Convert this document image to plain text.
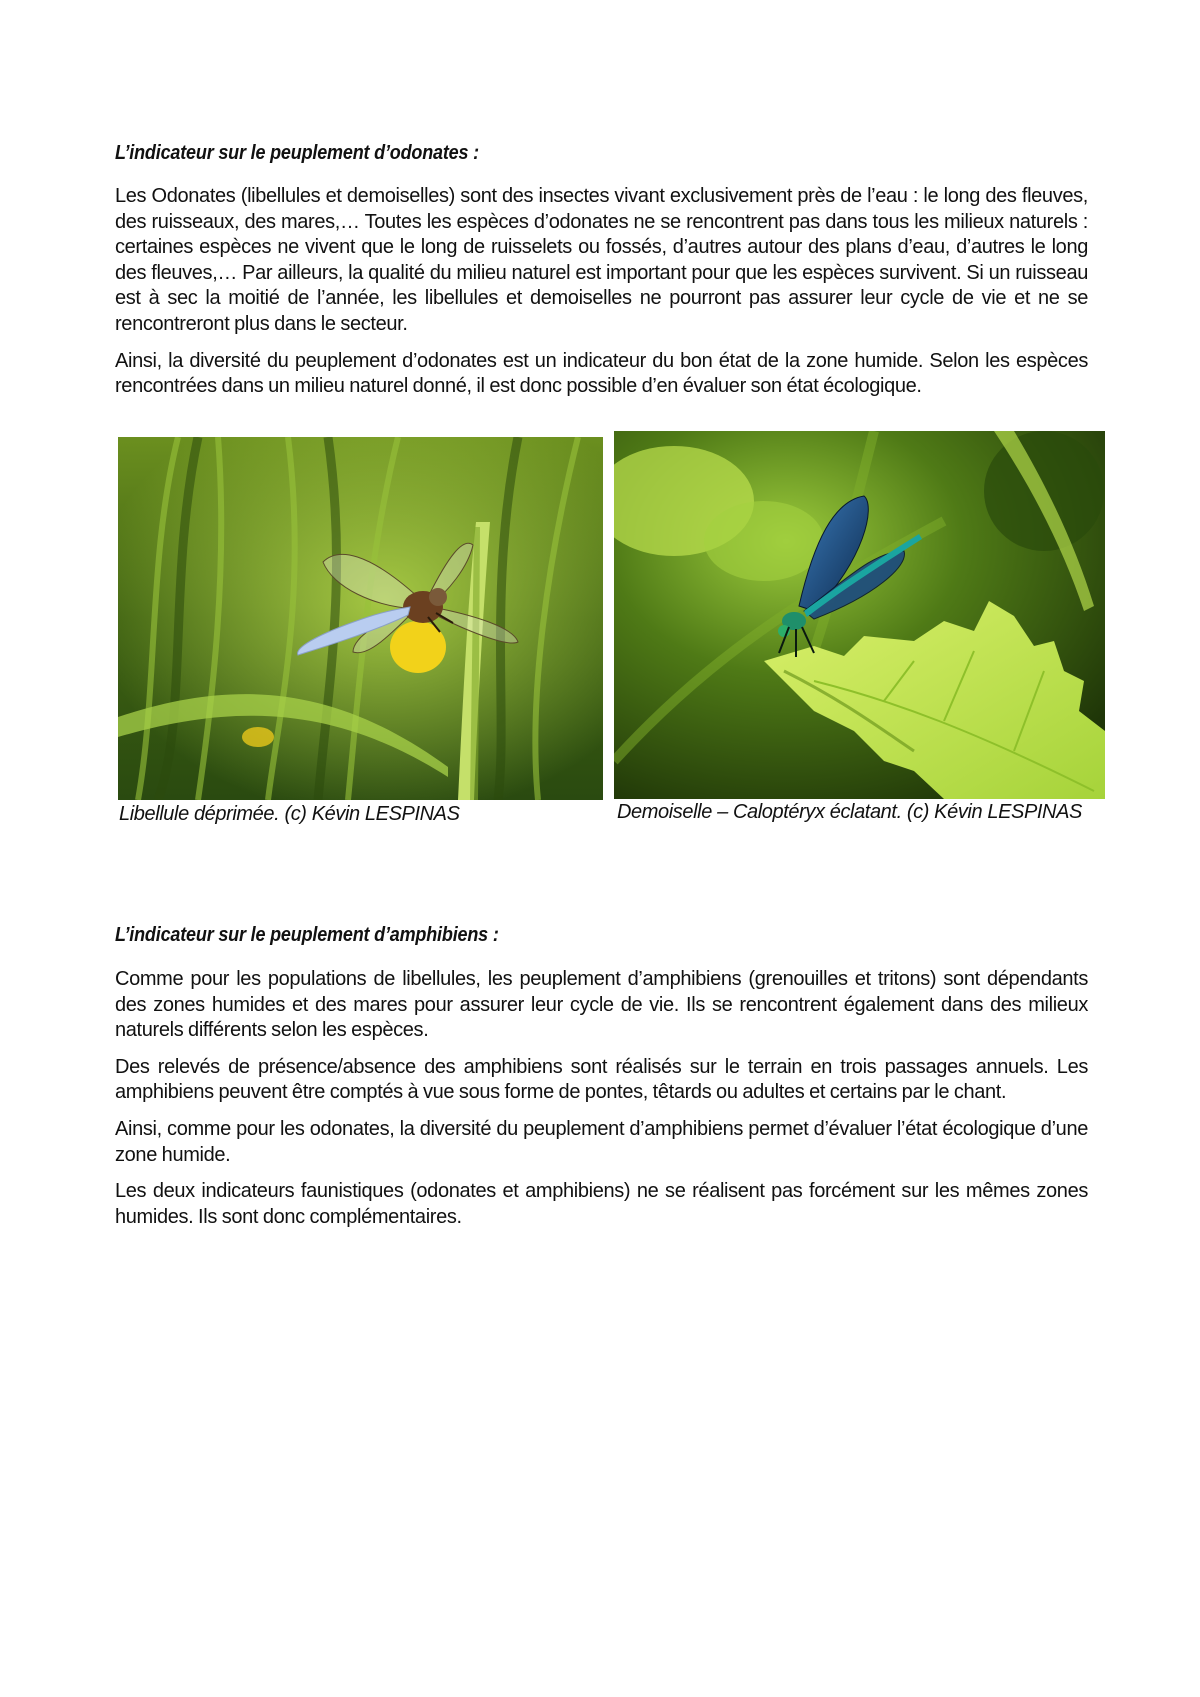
L’indicateur sur le peuplement d’odonates :

Les Odonates (libellules et demoiselles) sont des insectes vivant exclusivement près de l’eau : le long des fleuves, des ruisseaux, des mares,… Toutes les espèces d’odonates ne se rencontrent pas dans tous les milieux naturels : certaines espèces ne vivent que le long de ruisselets ou fossés, d’autres autour des plans d’eau, d’autres le long des fleuves,… Par ailleurs, la qualité du milieu naturel est important pour que les espèces survivent. Si un ruisseau est à sec la moitié de l’année, les libellules et demoiselles ne pourront pas assurer leur cycle de vie et ne se rencontreront plus dans le secteur.

Ainsi, la diversité du peuplement d’odonates est un indicateur du bon état de la zone humide. Selon les espèces rencontrées dans un milieu naturel donné, il est donc possible d’en évaluer son état écologique.

Libellule déprimée. (c) Kévin LESPINAS	Demoiselle – Caloptéryx éclatant. (c) Kévin LESPINAS
L’indicateur sur le peuplement d’amphibiens :

Comme pour les populations de libellules, les peuplement d’amphibiens (grenouilles et tritons) sont dépendants des zones humides et des mares pour assurer leur cycle de vie. Ils se rencontrent également dans des milieux naturels différents selon les espèces.

Des relevés de présence/absence des amphibiens sont réalisés sur le terrain en trois passages annuels. Les amphibiens peuvent être comptés à vue sous forme de pontes, têtards ou adultes et certains par le chant.

Ainsi, comme pour les odonates, la diversité du peuplement d’amphibiens permet d’évaluer l’état écologique d’une zone humide.

Les deux indicateurs faunistiques (odonates et amphibiens) ne se réalisent pas forcément sur les mêmes zones humides. Ils sont donc complémentaires.
